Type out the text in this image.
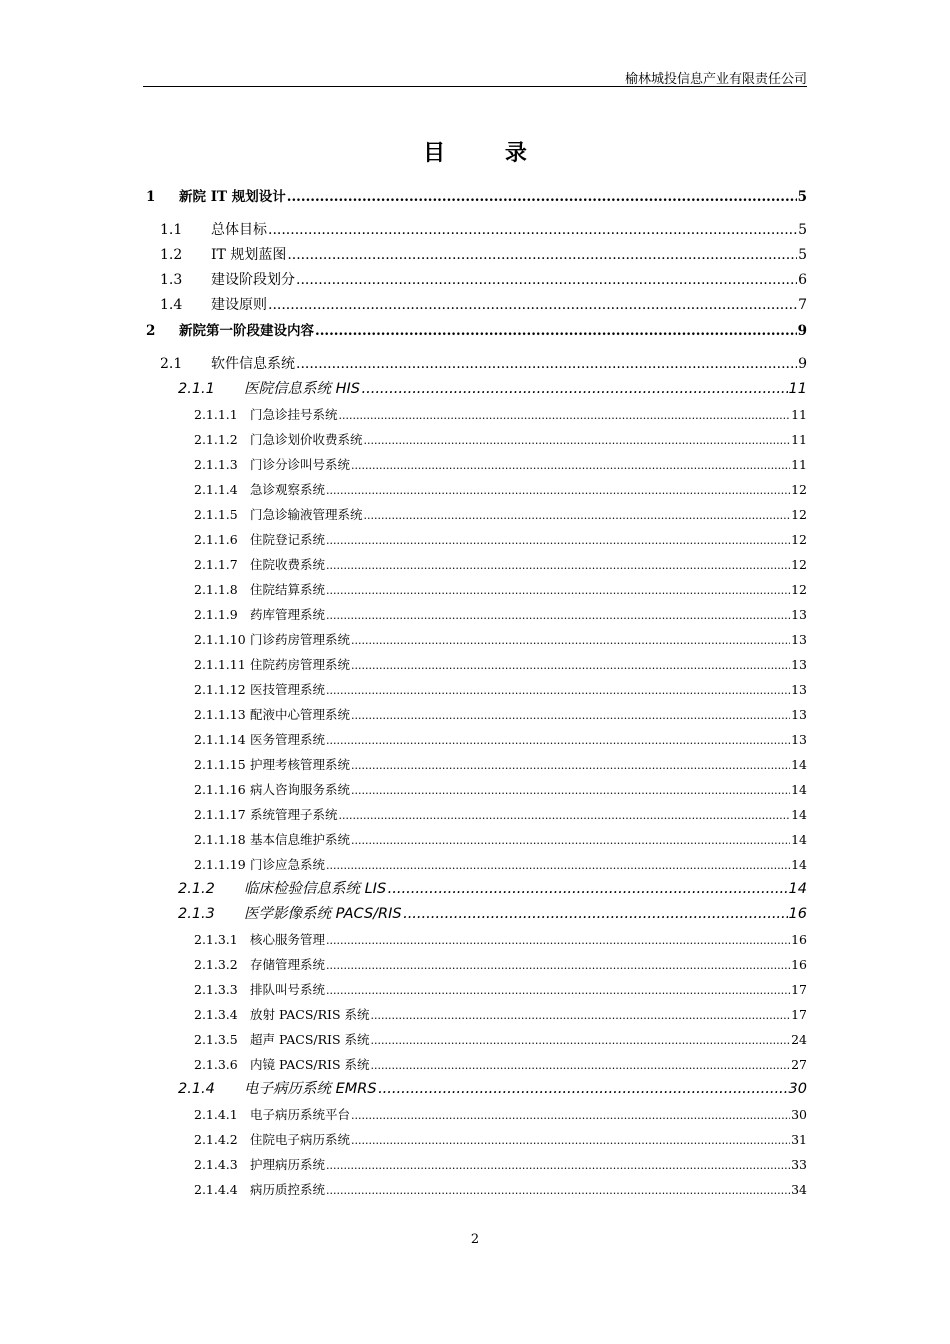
榆林城投信息产业有限责任公司
目 录
1	新院 IT 规划设计 .....	5
1.1	总体目标 .....	5
1.2	IT 规划蓝图 .....	5
1.3	建设阶段划分 .....	6
1.4	建设原则 .....	7
2	新院第一阶段建设内容 .....	9
2.1	软件信息系统 .....	9
2.1.1	医院信息系统 HIS .....	11
2.1.1.1 门急诊挂号系统 .....	11
2.1.1.2 门急诊划价收费系统 .....	11
2.1.1.3 门诊分诊叫号系统 .....	11
2.1.1.4 急诊观察系统 .....	12
2.1.1.5 门急诊输液管理系统 .....	12
2.1.1.6 住院登记系统 .....	12
2.1.1.7 住院收费系统 .....	12
2.1.1.8 住院结算系统 .....	12
2.1.1.9 药库管理系统 .....	13
2.1.1.10 门诊药房管理系统 .....	13
2.1.1.11 住院药房管理系统 .....	13
2.1.1.12 医技管理系统 .....	13
2.1.1.13 配液中心管理系统 .....	13
2.1.1.14 医务管理系统 .....	13
2.1.1.15 护理考核管理系统 .....	14
2.1.1.16 病人咨询服务系统 .....	14
2.1.1.17 系统管理子系统 .....	14
2.1.1.18 基本信息维护系统 .....	14
2.1.1.19 门诊应急系统 .....	14
2.1.2	临床检验信息系统 LIS .....	14
2.1.3	医学影像系统 PACS/RIS .....	16
2.1.3.1 核心服务管理 .....	16
2.1.3.2 存储管理系统 .....	16
2.1.3.3 排队叫号系统 .....	17
2.1.3.4 放射 PACS/RIS 系统 .....	17
2.1.3.5 超声 PACS/RIS 系统 .....	24
2.1.3.6 内镜 PACS/RIS 系统 .....	27
2.1.4	电子病历系统 EMRS .....	30
2.1.4.1 电子病历系统平台 .....	30
2.1.4.2 住院电子病历系统 .....	31
2.1.4.3 护理病历系统 .....	33
2.1.4.4 病历质控系统 .....	34
2
